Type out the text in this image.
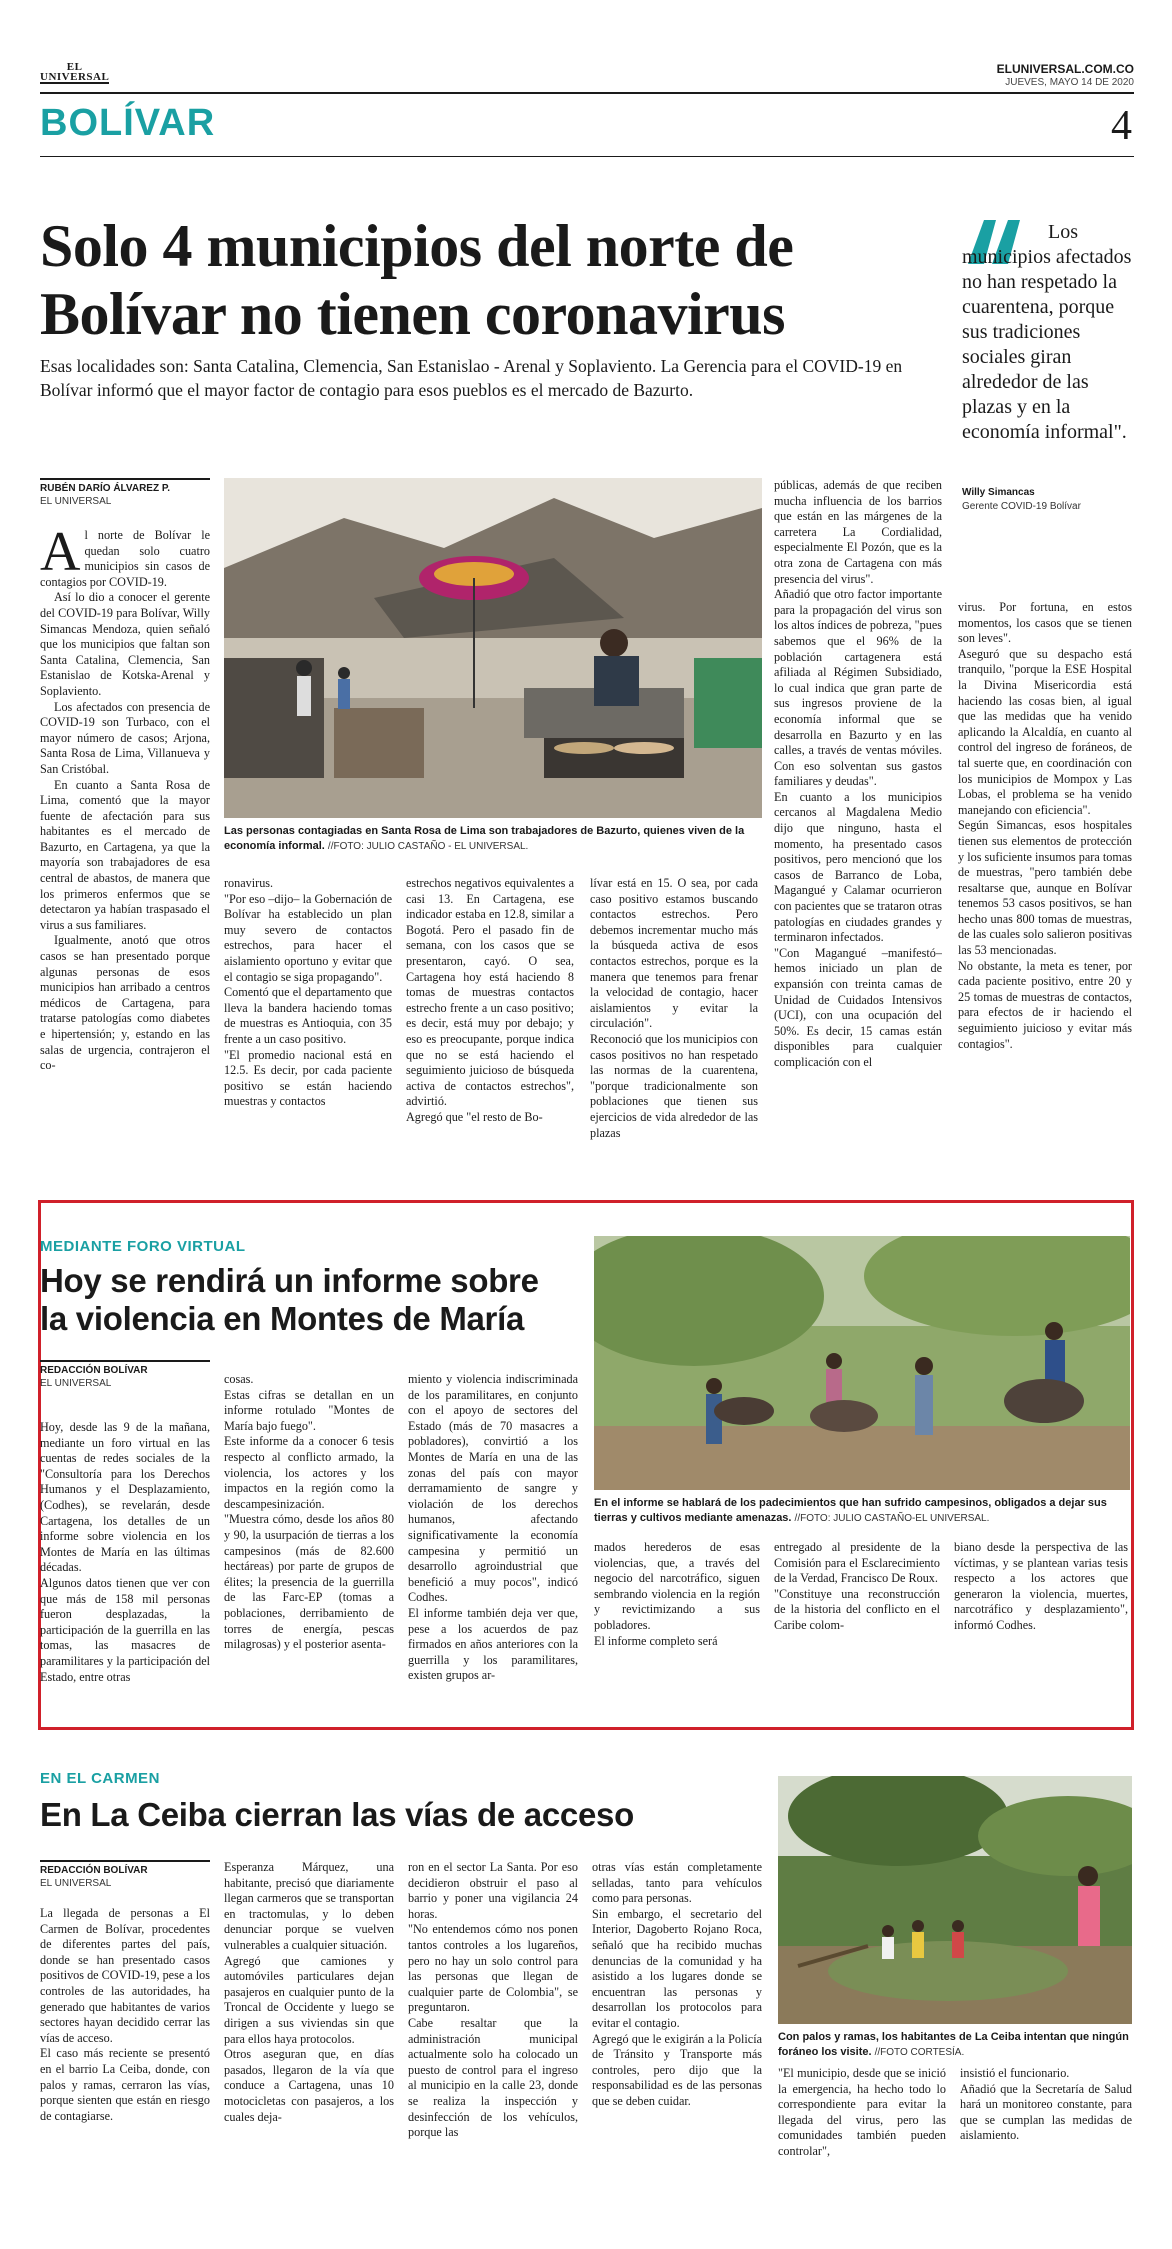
EL
UNIVERSAL
ELUNIVERSAL.COM.CO
JUEVES, MAYO 14 DE 2020
BOLÍVAR	4
Solo 4 municipios del norte de
Bolívar no tienen coronavirus
Esas localidades son: Santa Catalina, Clemencia, San Estanislao - Arenal y Soplaviento. La Gerencia para el COVID-19 en Bolívar informó que el mayor factor de contagio para esos pueblos es el mercado de Bazurto.
Los municipios afectados no han respetado la cuarentena, porque sus tradiciones sociales giran alrededor de las plazas y en la economía informal".
Willy Simancas
Gerente COVID-19 Bolívar
RUBÉN DARÍO ÁLVAREZ P.
EL UNIVERSAL
A l norte de Bolívar le quedan solo cuatro municipios sin casos de contagios por COVID-19.

Así lo dio a conocer el gerente del COVID-19 para Bolívar, Willy Simancas Mendoza, quien señaló que los municipios que faltan son Santa Catalina, Clemencia, San Estanislao de Kotska-Arenal y Soplaviento.

Los afectados con presencia de COVID-19 son Turbaco, con el mayor número de casos; Arjona, Santa Rosa de Lima, Villanueva y San Cristóbal.

En cuanto a Santa Rosa de Lima, comentó que la mayor fuente de afectación para sus habitantes es el mercado de Bazurto, en Cartagena, ya que la mayoría son trabajadores de esa central de abastos, de manera que los primeros enfermos que se detectaron ya habían traspasado el virus a sus familiares.

Igualmente, anotó que otros casos se han presentado porque algunas personas de esos municipios han arribado a centros médicos de Cartagena, para tratarse patologías como diabetes e hipertensión; y, estando en las salas de urgencia, contrajeron el co-

Las personas contagiadas en Santa Rosa de Lima son trabajadores de Bazurto, quienes viven de la economía informal. //FOTO: JULIO CASTAÑO - EL UNIVERSAL.
ronavirus.
"Por eso –dijo– la Gobernación de Bolívar ha establecido un plan muy severo de contactos estrechos, para hacer el aislamiento oportuno y evitar que el contagio se siga propagando".
Comentó que el departamento que lleva la bandera haciendo tomas de muestras es Antioquia, con 35 frente a un caso positivo.
"El promedio nacional está en 12.5. Es decir, por cada paciente positivo se están haciendo muestras y contactos
estrechos negativos equivalentes a casi 13. En Cartagena, ese indicador estaba en 12.8, similar a Bogotá. Pero el pasado fin de semana, con los casos que se presentaron, cayó. O sea, Cartagena hoy está haciendo 8 tomas de muestras contactos estrecho frente a un caso positivo; es decir, está muy por debajo; y eso es preocupante, porque indica que no se está haciendo el seguimiento juicioso de búsqueda activa de contactos estrechos", advirtió.
Agregó que "el resto de Bo-
lívar está en 15. O sea, por cada caso positivo estamos buscando contactos estrechos. Pero debemos incrementar mucho más la búsqueda activa de esos contactos estrechos, porque es la manera que tenemos para frenar la velocidad de contagio, hacer aislamientos y evitar la circulación".
Reconoció que los municipios con casos positivos no han respetado las normas de la cuarentena, "porque tradicionalmente son poblaciones que tienen sus ejercicios de vida alrededor de las plazas
públicas, además de que reciben mucha influencia de los barrios que están en las márgenes de la carretera La Cordialidad, especialmente El Pozón, que es la otra zona de Cartagena con más presencia del virus".
Añadió que otro factor importante para la propagación del virus son los altos índices de pobreza, "pues sabemos que el 96% de la población cartagenera está afiliada al Régimen Subsidiado, lo cual indica que gran parte de sus ingresos proviene de la economía informal que se desarrolla en Bazurto y en las calles, a través de ventas móviles. Con eso solventan sus gastos familiares y deudas".
En cuanto a los municipios cercanos al Magdalena Medio dijo que ninguno, hasta el momento, ha presentado casos positivos, pero mencionó que los casos de Barranco de Loba, Magangué y Calamar ocurrieron con pacientes que se trataron otras patologías en ciudades grandes y terminaron infectados.
"Con Magangué –manifestó– hemos iniciado un plan de expansión con treinta camas de Unidad de Cuidados Intensivos (UCI), con una ocupación del 50%. Es decir, 15 camas están disponibles para cualquier complicación con el
virus. Por fortuna, en estos momentos, los casos que se tienen son leves".
Aseguró que su despacho está tranquilo, "porque la ESE Hospital la Divina Misericordia está haciendo las cosas bien, al igual que las medidas que ha venido aplicando la Alcaldía, en cuanto al control del ingreso de foráneos, de tal suerte que, en coordinación con los municipios de Mompox y Las Lobas, el problema se ha venido manejando con eficiencia".
Según Simancas, esos hospitales tienen sus elementos de protección y los suficiente insumos para tomas de muestras, "pero también debe resaltarse que, aunque en Bolívar tenemos 53 casos positivos, se han hecho unas 800 tomas de muestras, de las cuales solo salieron positivas las 53 mencionadas.
No obstante, la meta es tener, por cada paciente positivo, entre 20 y 25 tomas de muestras de contactos, para efectos de ir haciendo el seguimiento juicioso y evitar más contagios".
MEDIANTE FORO VIRTUAL
Hoy se rendirá un informe sobre
la violencia en Montes de María
REDACCIÓN BOLÍVAR
EL UNIVERSAL
En el informe se hablará de los padecimientos que han sufrido campesinos, obligados a dejar sus tierras y cultivos mediante amenazas. //FOTO: JULIO CASTAÑO-EL UNIVERSAL.
Hoy, desde las 9 de la mañana, mediante un foro virtual en las cuentas de redes sociales de la "Consultoría para los Derechos Humanos y el Desplazamiento, (Codhes), se revelarán, desde Cartagena, los detalles de un informe sobre violencia en los Montes de María en las últimas décadas.
Algunos datos tienen que ver con que más de 158 mil personas fueron desplazadas, la participación de la guerrilla en las tomas, las masacres de paramilitares y la participación del Estado, entre otras
cosas.
Estas cifras se detallan en un informe rotulado "Montes de María bajo fuego".
Este informe da a conocer 6 tesis respecto al conflicto armado, la violencia, los actores y los impactos en la región como la descampesinización.
"Muestra cómo, desde los años 80 y 90, la usurpación de tierras a los campesinos (más de 82.600 hectáreas) por parte de grupos de élites; la presencia de la guerrilla de las Farc-EP (tomas a poblaciones, derribamiento de torres de energía, pescas milagrosas) y el posterior asenta-
miento y violencia indiscriminada de los paramilitares, en conjunto con el apoyo de sectores del Estado (más de 70 masacres a pobladores), convirtió a los Montes de María en una de las zonas del país con mayor derramamiento de sangre y violación de los derechos humanos, afectando significativamente la economía campesina y permitió un desarrollo agroindustrial que benefició a muy pocos", indicó Codhes.
El informe también deja ver que, pese a los acuerdos de paz firmados en años anteriores con la guerrilla y los paramilitares, existen grupos ar-
mados herederos de esas violencias, que, a través del negocio del narcotráfico, siguen sembrando violencia en la región y revictimizando a sus pobladores.
El informe completo será
entregado al presidente de la Comisión para el Esclarecimiento de la Verdad, Francisco De Roux.
"Constituye una reconstrucción de la historia del conflicto en el Caribe colom-
biano desde la perspectiva de las víctimas, y se plantean varias tesis respecto a los actores que generaron la violencia, muertes, narcotráfico y desplazamiento", informó Codhes.
EN EL CARMEN
En La Ceiba cierran las vías de acceso
REDACCIÓN BOLÍVAR
EL UNIVERSAL
Con palos y ramas, los habitantes de La Ceiba intentan que ningún foráneo los visite. //FOTO CORTESÍA.
La llegada de personas a El Carmen de Bolívar, procedentes de diferentes partes del país, donde se han presentado casos positivos de COVID-19, pese a los controles de las autoridades, ha generado que habitantes de varios sectores hayan decidido cerrar las vías de acceso.
El caso más reciente se presentó en el barrio La Ceiba, donde, con palos y ramas, cerraron las vías, porque sienten que están en riesgo de contagiarse.
Esperanza Márquez, una habitante, precisó que diariamente llegan carmeros que se transportan en tractomulas, y lo deben denunciar porque se vuelven vulnerables a cualquier situación.
Agregó que camiones y automóviles particulares dejan pasajeros en cualquier punto de la Troncal de Occidente y luego se dirigen a sus viviendas sin que para ellos haya protocolos.
Otros aseguran que, en días pasados, llegaron de la vía que conduce a Cartagena, unas 10 motocicletas con pasajeros, a los cuales deja-
ron en el sector La Santa. Por eso decidieron obstruir el paso al barrio y poner una vigilancia 24 horas.
"No entendemos cómo nos ponen tantos controles a los lugareños, pero no hay un solo control para las personas que llegan de cualquier parte de Colombia", se preguntaron.
Cabe resaltar que la administración municipal actualmente solo ha colocado un puesto de control para el ingreso al municipio en la calle 23, donde se realiza la inspección y desinfección de los vehículos, porque las
otras vías están completamente selladas, tanto para vehículos como para personas.
Sin embargo, el secretario del Interior, Dagoberto Rojano Roca, señaló que ha recibido muchas denuncias de la comunidad y ha asistido a los lugares donde se encuentran las personas y desarrollan los protocolos para evitar el contagio.
Agregó que le exigirán a la Policía de Tránsito y Transporte más controles, pero dijo que la responsabilidad es de las personas que se deben cuidar.
"El municipio, desde que se inició la emergencia, ha hecho todo lo correspondiente para evitar la llegada del virus, pero las comunidades también pueden controlar",
insistió el funcionario.
Añadió que la Secretaría de Salud hará un monitoreo constante, para que se cumplan las medidas de aislamiento.
